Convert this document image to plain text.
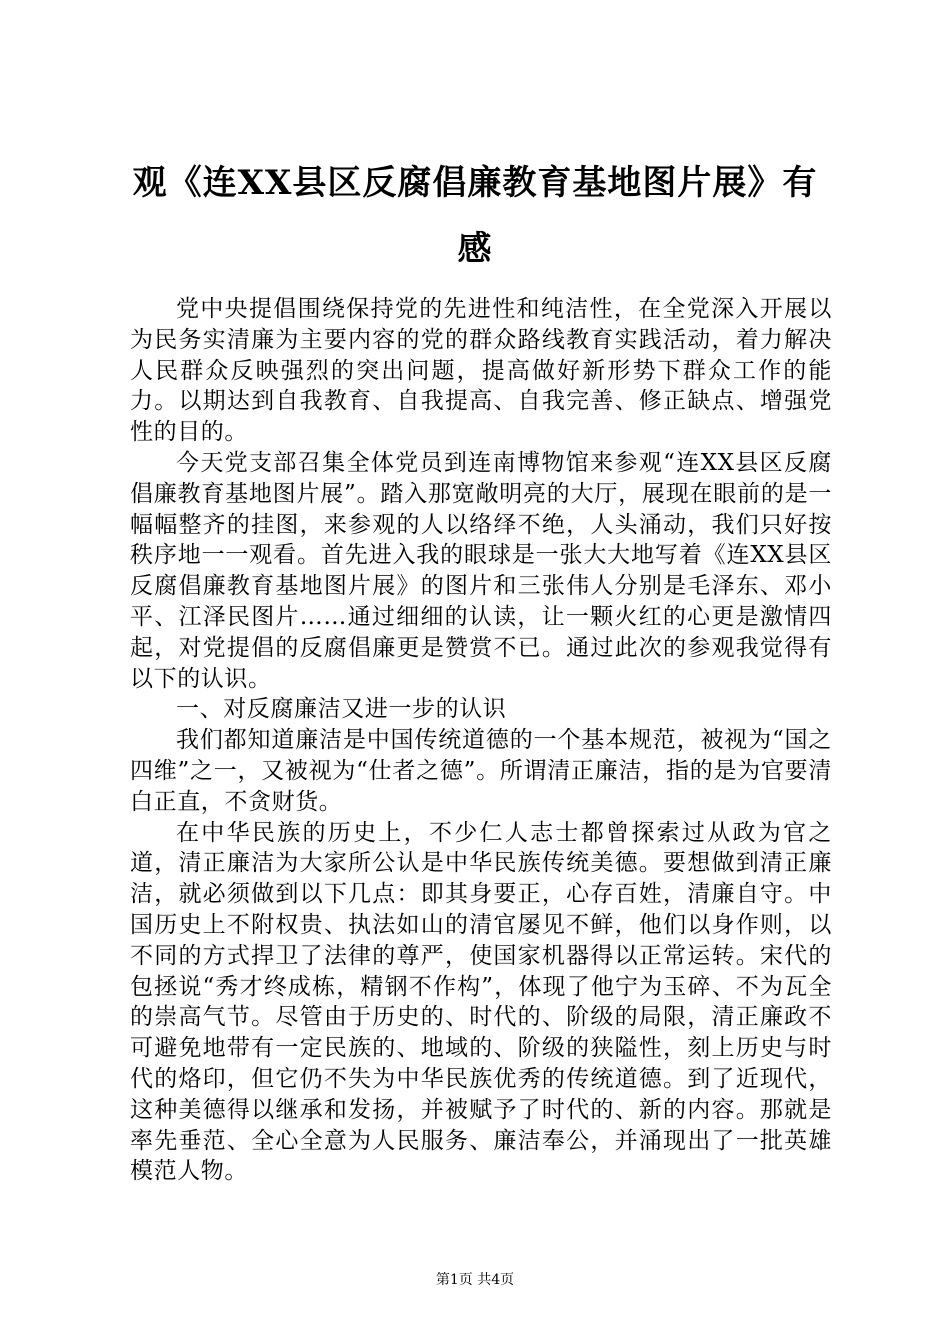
观《连XX县区反腐倡廉教育基地图片展》有感

党中央提倡围绕保持党的先进性和纯洁性，在全党深入开展以为民务实清廉为主要内容的党的群众路线教育实践活动，着力解决人民群众反映强烈的突出问题，提高做好新形势下群众工作的能力。以期达到自我教育、自我提高、自我完善、修正缺点、增强党性的目的。

今天党支部召集全体党员到连南博物馆来参观“连XX县区反腐倡廉教育基地图片展”。踏入那宽敞明亮的大厅，展现在眼前的是一幅幅整齐的挂图，来参观的人以络绎不绝，人头涌动，我们只好按秩序地一一观看。首先进入我的眼球是一张大大地写着《连XX县区反腐倡廉教育基地图片展》的图片和三张伟人分别是毛泽东、邓小平、江泽民图片……通过细细的认读，让一颗火红的心更是激情四起，对党提倡的反腐倡廉更是赞赏不已。通过此次的参观我觉得有以下的认识。

一、对反腐廉洁又进一步的认识

我们都知道廉洁是中国传统道德的一个基本规范，被视为“国之四维”之一，又被视为“仕者之德”。所谓清正廉洁，指的是为官要清白正直，不贪财货。

在中华民族的历史上，不少仁人志士都曾探索过从政为官之道，清正廉洁为大家所公认是中华民族传统美德。要想做到清正廉洁，就必须做到以下几点：即其身要正，心存百姓，清廉自守。中国历史上不附权贵、执法如山的清官屡见不鲜，他们以身作则，以不同的方式捍卫了法律的尊严，使国家机器得以正常运转。宋代的包拯说“秀才终成栋，精钢不作构”，体现了他宁为玉碎、不为瓦全的崇高气节。尽管由于历史的、时代的、阶级的局限，清正廉政不可避免地带有一定民族的、地域的、阶级的狭隘性，刻上历史与时代的烙印，但它仍不失为中华民族优秀的传统道德。到了近现代，这种美德得以继承和发扬，并被赋予了时代的、新的内容。那就是率先垂范、全心全意为人民服务、廉洁奉公，并涌现出了一批英雄模范人物。

第1页 共4页
